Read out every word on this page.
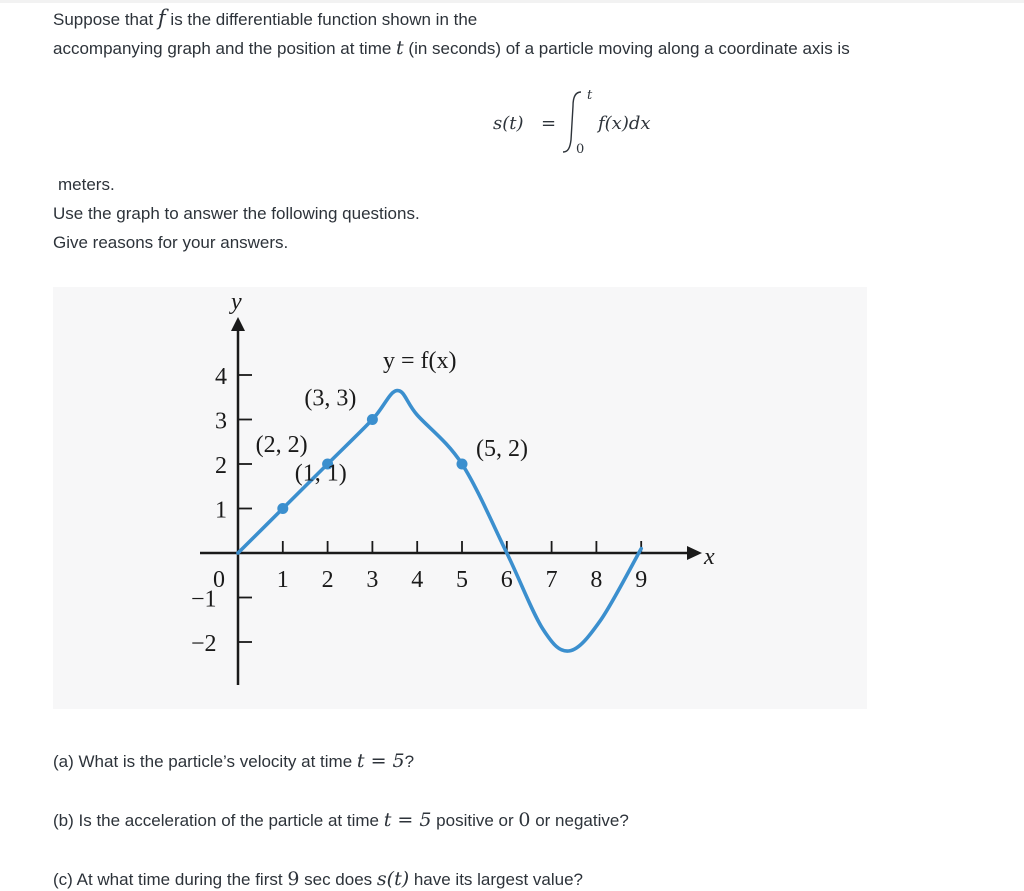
Suppose that f is the differentiable function shown in the
accompanying graph and the position at time t (in seconds) of a particle moving along a coordinate axis is
s(t) =
t
0
f(x)dx
meters.
Use the graph to answer the following questions.
Give reasons for your answers.
1 2 3 4 5 6 7 8 9
4
3
2
1
−1
−2
y
x
0
y = f(x)
(1, 1)
(2, 2)
(3, 3)
(5, 2)
(a) What is the particle’s velocity at time t = 5?
(b) Is the acceleration of the particle at time t = 5 positive or 0 or negative?
(c) At what time during the first 9 sec does s(t) have its largest value?
